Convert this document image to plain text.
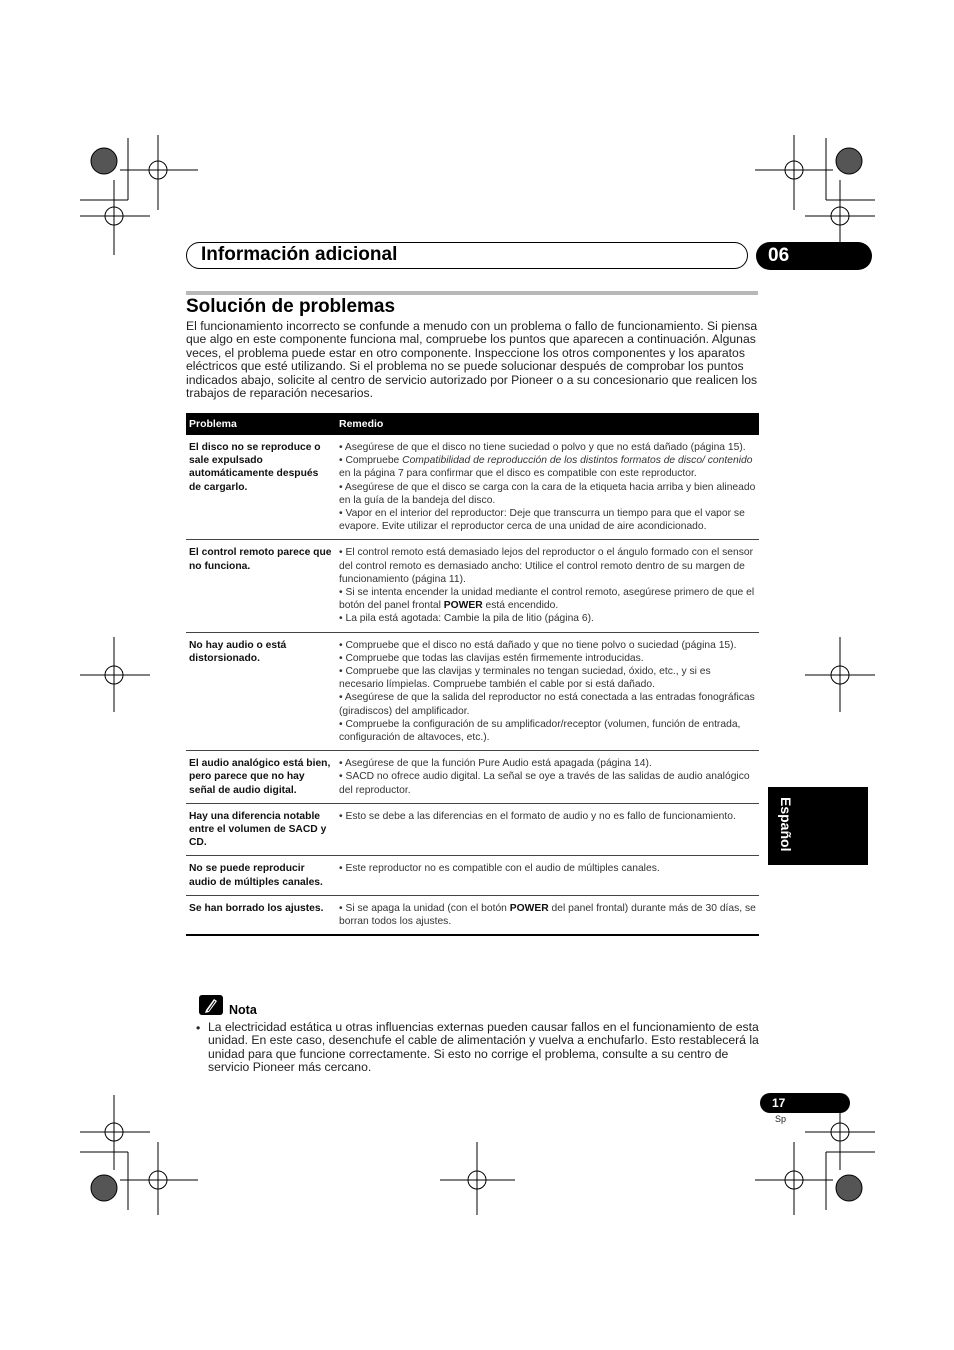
Información adicional	06
Solución de problemas
El funcionamiento incorrecto se confunde a menudo con un problema o fallo de funcionamiento. Si piensa que algo en este componente funciona mal, compruebe los puntos que aparecen a continuación. Algunas veces, el problema puede estar en otro componente. Inspeccione los otros componentes y los aparatos eléctricos que esté utilizando. Si el problema no se puede solucionar después de comprobar los puntos indicados abajo, solicite al centro de servicio autorizado por Pioneer o a su concesionario que realicen los trabajos de reparación necesarios.
Problema	Remedio
El disco no se reproduce o sale expulsado automáticamente después de cargarlo.	• Asegúrese de que el disco no tiene suciedad o polvo y que no está dañado (página 15).
• Compruebe Compatibilidad de reproducción de los distintos formatos de disco/ contenido en la página 7 para confirmar que el disco es compatible con este reproductor.
• Asegúrese de que el disco se carga con la cara de la etiqueta hacia arriba y bien alineado en la guía de la bandeja del disco.
• Vapor en el interior del reproductor: Deje que transcurra un tiempo para que el vapor se evapore. Evite utilizar el reproductor cerca de una unidad de aire acondicionado.

El control remoto parece que no funciona.	• El control remoto está demasiado lejos del reproductor o el ángulo formado con el sensor del control remoto es demasiado ancho: Utilice el control remoto dentro de su margen de funcionamiento (página 11).
• Si se intenta encender la unidad mediante el control remoto, asegúrese primero de que el botón del panel frontal POWER está encendido.
• La pila está agotada: Cambie la pila de litio (página 6).

No hay audio o está distorsionado.	• Compruebe que el disco no está dañado y que no tiene polvo o suciedad (página 15).
• Compruebe que todas las clavijas estén firmemente introducidas.
• Compruebe que las clavijas y terminales no tengan suciedad, óxido, etc., y si es necesario límpielas. Compruebe también el cable por si está dañado.
• Asegúrese de que la salida del reproductor no está conectada a las entradas fonográficas (giradiscos) del amplificador.
• Compruebe la configuración de su amplificador/receptor (volumen, función de entrada, configuración de altavoces, etc.).

El audio analógico está bien, pero parece que no hay señal de audio digital.	• Asegúrese de que la función Pure Audio está apagada (página 14).
• SACD no ofrece audio digital. La señal se oye a través de las salidas de audio analógico del reproductor.

Hay una diferencia notable entre el volumen de SACD y CD.	• Esto se debe a las diferencias en el formato de audio y no es fallo de funcionamiento.

No se puede reproducir audio de múltiples canales.	• Este reproductor no es compatible con el audio de múltiples canales.

Se han borrado los ajustes.	• Si se apaga la unidad (con el botón POWER del panel frontal) durante más de 30 días, se borran todos los ajustes.
Nota
• La electricidad estática u otras influencias externas pueden causar fallos en el funcionamiento de esta unidad. En este caso, desenchufe el cable de alimentación y vuelva a enchufarlo. Esto restablecerá la unidad para que funcione correctamente. Si esto no corrige el problema, consulte a su centro de servicio Pioneer más cercano.
Español
17
Sp
